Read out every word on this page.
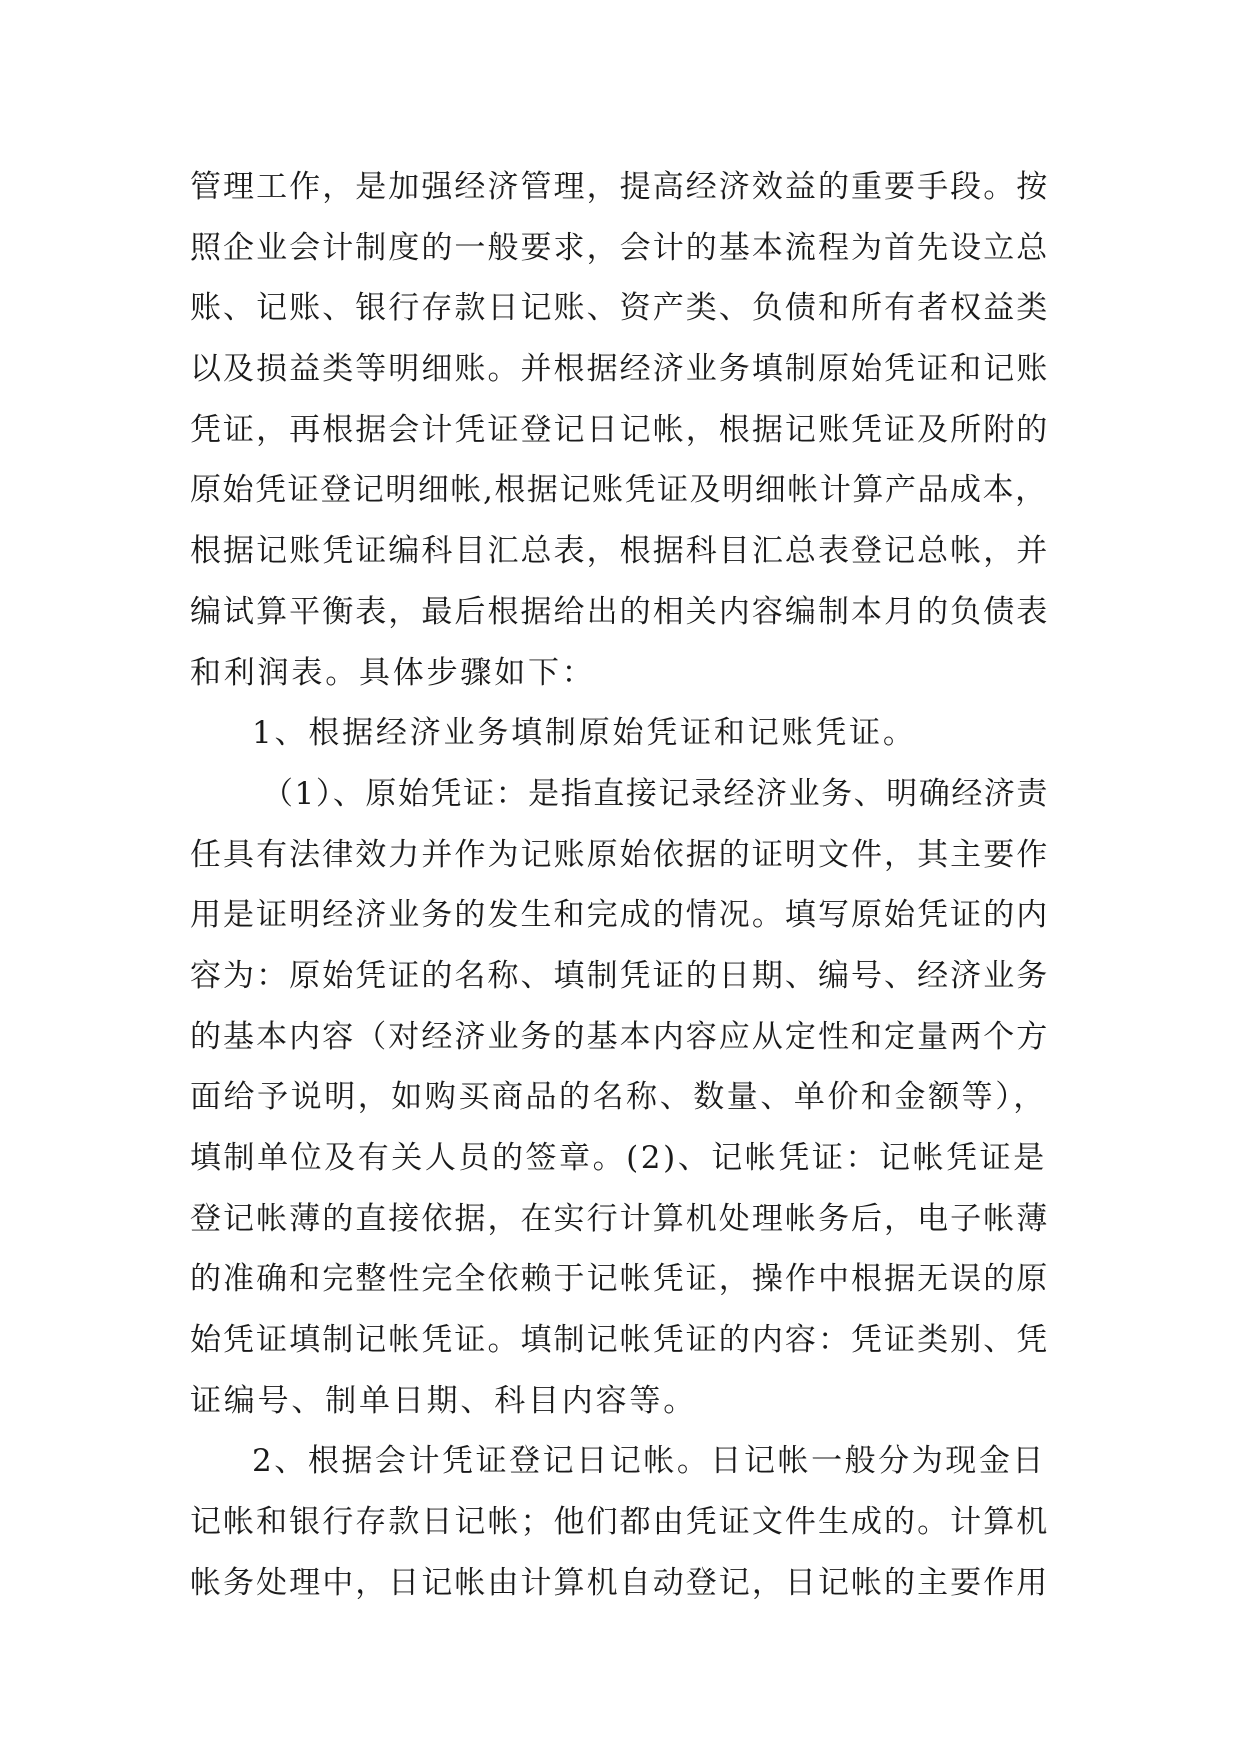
管理工作，是加强经济管理，提高经济效益的重要手段。按
照企业会计制度的一般要求，会计的基本流程为首先设立总
账、记账、银行存款日记账、资产类、负债和所有者权益类
以及损益类等明细账。并根据经济业务填制原始凭证和记账
凭证，再根据会计凭证登记日记帐，根据记账凭证及所附的
原始凭证登记明细帐,根据记账凭证及明细帐计算产品成本，
根据记账凭证编科目汇总表，根据科目汇总表登记总帐，并
编试算平衡表，最后根据给出的相关内容编制本月的负债表
和利润表。具体步骤如下：
1、根据经济业务填制原始凭证和记账凭证。
（1）、原始凭证：是指直接记录经济业务、明确经济责
任具有法律效力并作为记账原始依据的证明文件，其主要作
用是证明经济业务的发生和完成的情况。填写原始凭证的内
容为：原始凭证的名称、填制凭证的日期、编号、经济业务
的基本内容（对经济业务的基本内容应从定性和定量两个方
面给予说明，如购买商品的名称、数量、单价和金额等），
填制单位及有关人员的签章。(2)、记帐凭证：记帐凭证是
登记帐薄的直接依据，在实行计算机处理帐务后，电子帐薄
的准确和完整性完全依赖于记帐凭证，操作中根据无误的原
始凭证填制记帐凭证。填制记帐凭证的内容：凭证类别、凭
证编号、制单日期、科目内容等。
2、根据会计凭证登记日记帐。日记帐一般分为现金日
记帐和银行存款日记帐；他们都由凭证文件生成的。计算机
帐务处理中，日记帐由计算机自动登记，日记帐的主要作用
